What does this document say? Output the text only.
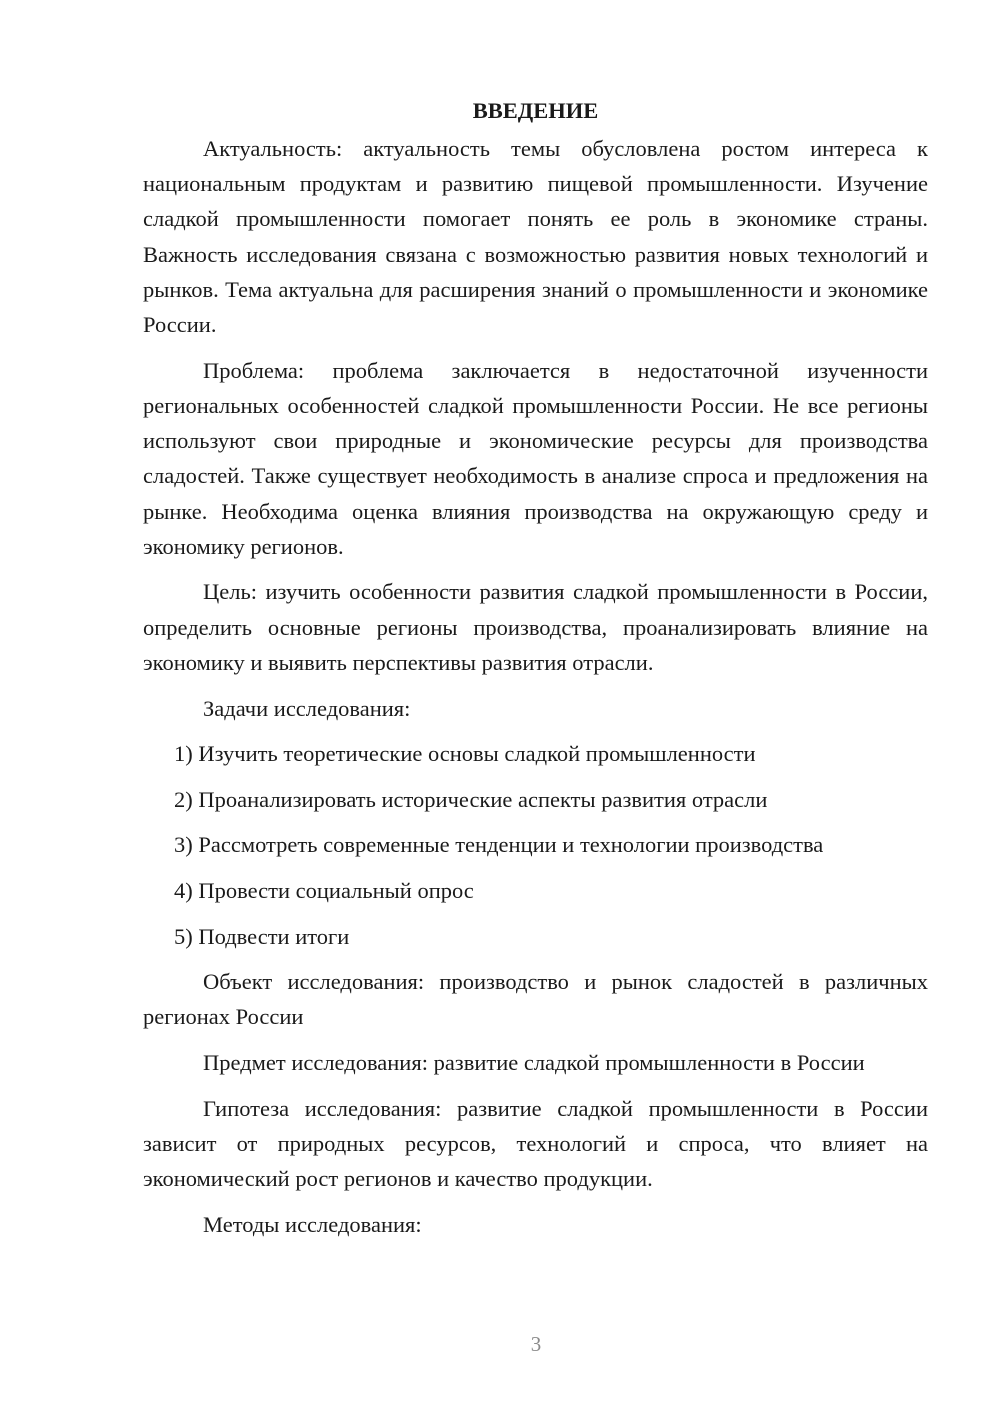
ВВЕДЕНИЕ

Актуальность: актуальность темы обусловлена ростом интереса к национальным продуктам и развитию пищевой промышленности. Изучение сладкой промышленности помогает понять ее роль в экономике страны. Важность исследования связана с возможностью развития новых технологий и рынков. Тема актуальна для расширения знаний о промышленности и экономике России.

Проблема: проблема заключается в недостаточной изученности региональных особенностей сладкой промышленности России. Не все регионы используют свои природные и экономические ресурсы для производства сладостей. Также существует необходимость в анализе спроса и предложения на рынке. Необходима оценка влияния производства на окружающую среду и экономику регионов.

Цель: изучить особенности развития сладкой промышленности в России, определить основные регионы производства, проанализировать влияние на экономику и выявить перспективы развития отрасли.

Задачи исследования:

1) Изучить теоретические основы сладкой промышленности
2) Проанализировать исторические аспекты развития отрасли
3) Рассмотреть современные тенденции и технологии производства
4) Провести социальный опрос
5) Подвести итоги

Объект исследования: производство и рынок сладостей в различных регионах России

Предмет исследования: развитие сладкой промышленности в России

Гипотеза исследования: развитие сладкой промышленности в России зависит от природных ресурсов, технологий и спроса, что влияет на экономический рост регионов и качество продукции.

Методы исследования:

3
